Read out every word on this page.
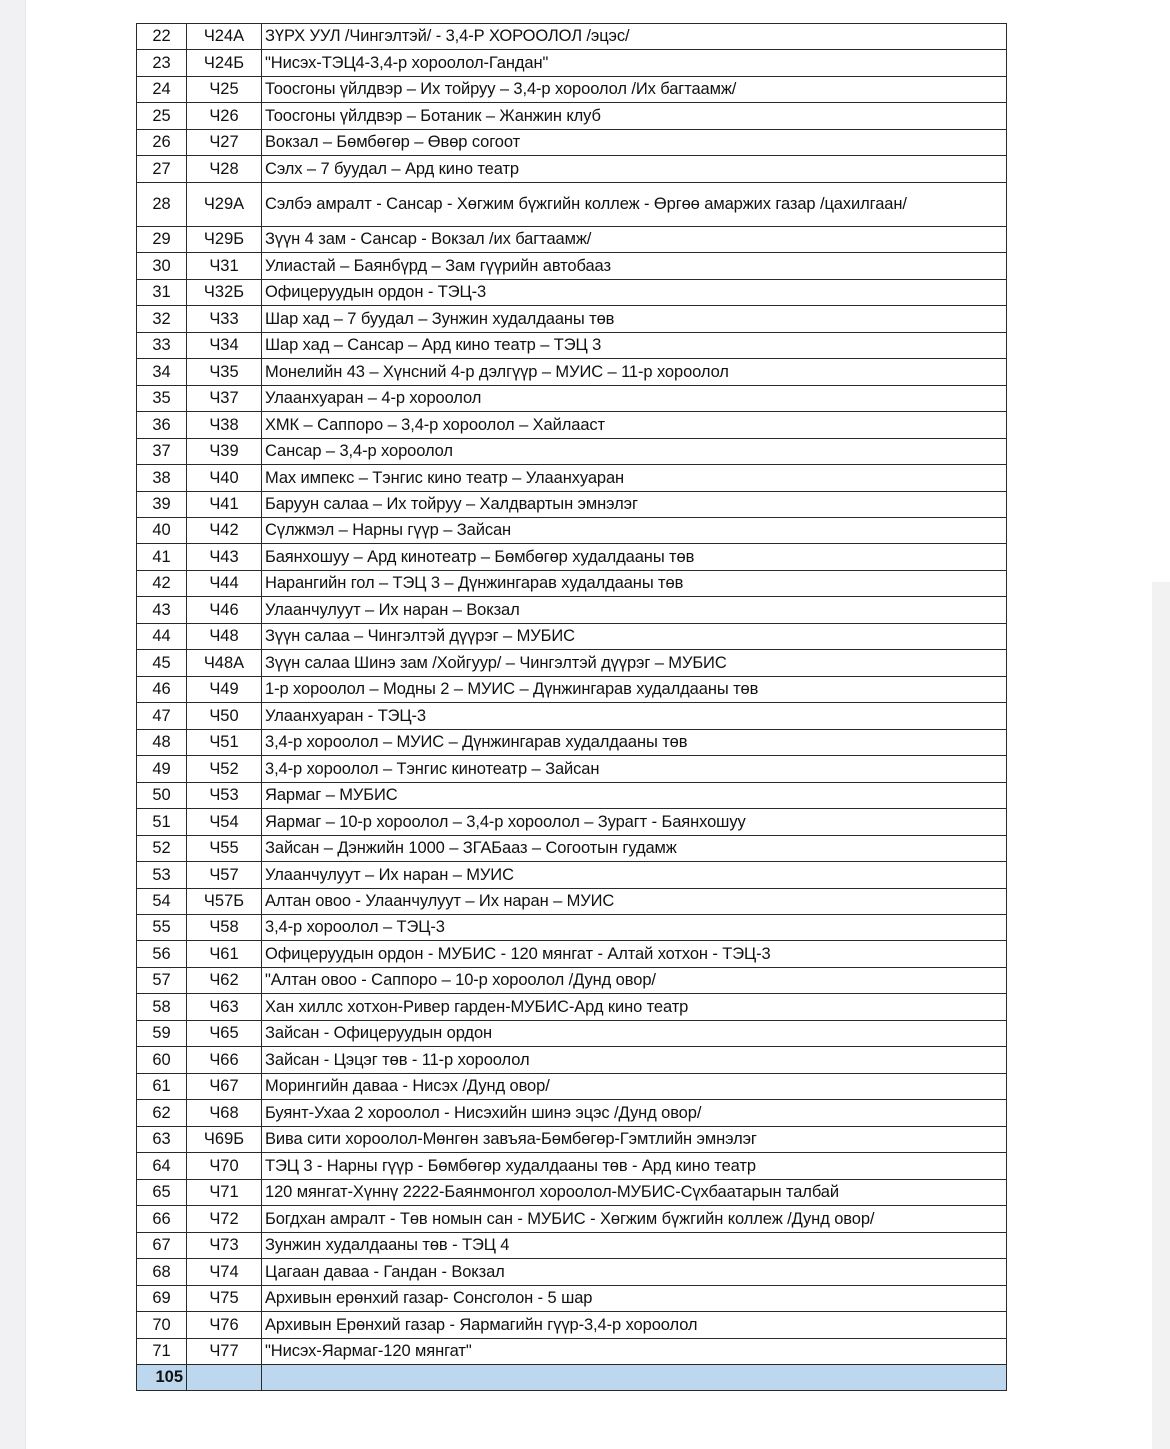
22	Ч24А	ЗҮРХ УУЛ /Чингэлтэй/ - 3,4-Р ХОРООЛОЛ /эцэс/
23	Ч24Б	"Нисэх-ТЭЦ4-3,4-р хороолол-Гандан"
24	Ч25	Тоосгоны үйлдвэр – Их тойруу – 3,4-р хороолол /Их багтаамж/
25	Ч26	Тоосгоны үйлдвэр – Ботаник – Жанжин клуб
26	Ч27	Вокзал – Бөмбөгөр – Өвөр согоот
27	Ч28	Сэлх – 7 буудал – Ард кино театр
28	Ч29А	Сэлбэ амралт - Сансар - Хөгжим бүжгийн коллеж - Өргөө амаржих газар /цахилгаан/
29	Ч29Б	Зүүн 4 зам - Сансар - Вокзал /их багтаамж/
30	Ч31	Улиастай – Баянбүрд – Зам гүүрийн автобааз
31	Ч32Б	Офицеруудын ордон - ТЭЦ-3
32	Ч33	Шар хад – 7 буудал – Зунжин худалдааны төв
33	Ч34	Шар хад – Сансар – Ард кино театр – ТЭЦ 3
34	Ч35	Монелийн 43 – Хүнсний 4-р дэлгүүр – МУИС – 11-р хороолол
35	Ч37	Улаанхуаран – 4-р хороолол
36	Ч38	ХМК – Саппоро – 3,4-р хороолол – Хайлааст
37	Ч39	Сансар – 3,4-р хороолол
38	Ч40	Мах импекс – Тэнгис кино театр – Улаанхуаран
39	Ч41	Баруун салаа – Их тойруу – Халдвартын эмнэлэг
40	Ч42	Сүлжмэл – Нарны гүүр – Зайсан
41	Ч43	Баянхошуу – Ард кинотеатр – Бөмбөгөр худалдааны төв
42	Ч44	Нарангийн гол – ТЭЦ 3 – Дүнжингарав худалдааны төв
43	Ч46	Улаанчулуут – Их наран – Вокзал
44	Ч48	Зүүн салаа – Чингэлтэй дүүрэг – МУБИС
45	Ч48А	Зүүн салаа Шинэ зам /Хойгуур/ – Чингэлтэй дүүрэг – МУБИС
46	Ч49	1-р хороолол – Модны 2 – МУИС – Дүнжингарав худалдааны төв
47	Ч50	Улаанхуаран - ТЭЦ-3
48	Ч51	3,4-р хороолол – МУИС – Дүнжингарав худалдааны төв
49	Ч52	3,4-р хороолол – Тэнгис кинотеатр – Зайсан
50	Ч53	Яармаг – МУБИС
51	Ч54	Яармаг – 10-р хороолол – 3,4-р хороолол – Зурагт - Баянхошуу
52	Ч55	Зайсан – Дэнжийн 1000 – ЗГАБааз – Согоотын гудамж
53	Ч57	Улаанчулуут – Их наран – МУИС
54	Ч57Б	Алтан овоо - Улаанчулуут – Их наран – МУИС
55	Ч58	3,4-р хороолол – ТЭЦ-3
56	Ч61	Офицеруудын ордон - МУБИС - 120 мянгат - Алтай хотхон - ТЭЦ-3
57	Ч62	"Алтан овоо - Саппоро – 10-р хороолол /Дунд овор/
58	Ч63	Хан хиллс хотхон-Ривер гарден-МУБИС-Ард кино театр
59	Ч65	Зайсан - Офицеруудын ордон
60	Ч66	Зайсан - Цэцэг төв - 11-р хороолол
61	Ч67	Морингийн даваа - Нисэх /Дунд овор/
62	Ч68	Буянт-Ухаа 2 хороолол - Нисэхийн шинэ эцэс /Дунд овор/
63	Ч69Б	Вива сити хороолол-Мөнгөн завъяа-Бөмбөгөр-Гэмтлийн эмнэлэг
64	Ч70	ТЭЦ 3 - Нарны гүүр - Бөмбөгөр худалдааны төв - Ард кино театр
65	Ч71	120 мянгат-Хүннү 2222-Баянмонгол хороолол-МУБИС-Сүхбаатарын талбай
66	Ч72	Богдхан амралт - Төв номын сан - МУБИС - Хөгжим бүжгийн коллеж /Дунд овор/
67	Ч73	Зунжин худалдааны төв - ТЭЦ 4
68	Ч74	Цагаан даваа - Гандан - Вокзал
69	Ч75	Архивын ерөнхий газар- Сонсголон - 5 шар
70	Ч76	Архивын Ерөнхий газар - Яармагийн гүүр-3,4-р хороолол
71	Ч77	"Нисэх-Яармаг-120 мянгат"
105		
